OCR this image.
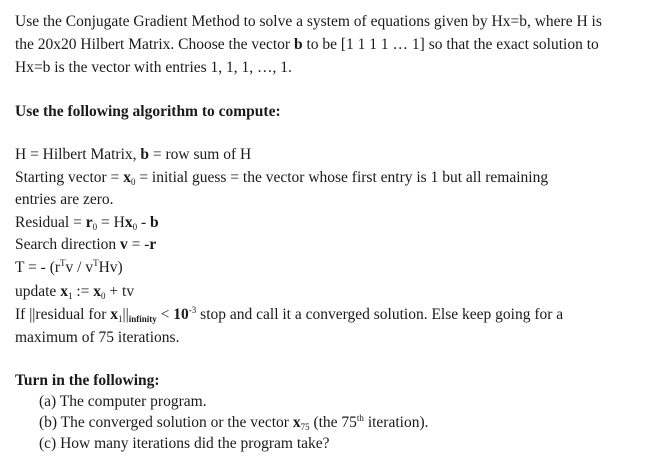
Use the Conjugate Gradient Method to solve a system of equations given by Hx=b, where H is
the 20x20 Hilbert Matrix. Choose the vector b to be [1 1 1 1 … 1] so that the exact solution to
Hx=b is the vector with entries 1, 1, 1, …, 1.
Use the following algorithm to compute:
H = Hilbert Matrix, b = row sum of H
Starting vector = $x_0$ = initial guess = the vector whose first entry is 1 but all remaining
entries are zero.
Residual = $r_0 = Hx_0 - b$
Search direction v = -r
T = - $(r^Tv / v^THv)$
update $x_1$ := $x_0$ + tv
If ||residual for $x_1||infinity < 10^{-3}$ stop and call it a converged solution. Else keep going for a
maximum of 75 iterations.
Turn in the following:
(a) The computer program.
(b) The converged solution or the vector $x_{75}$ (the 75th iteration).
(c) How many iterations did the program take?
